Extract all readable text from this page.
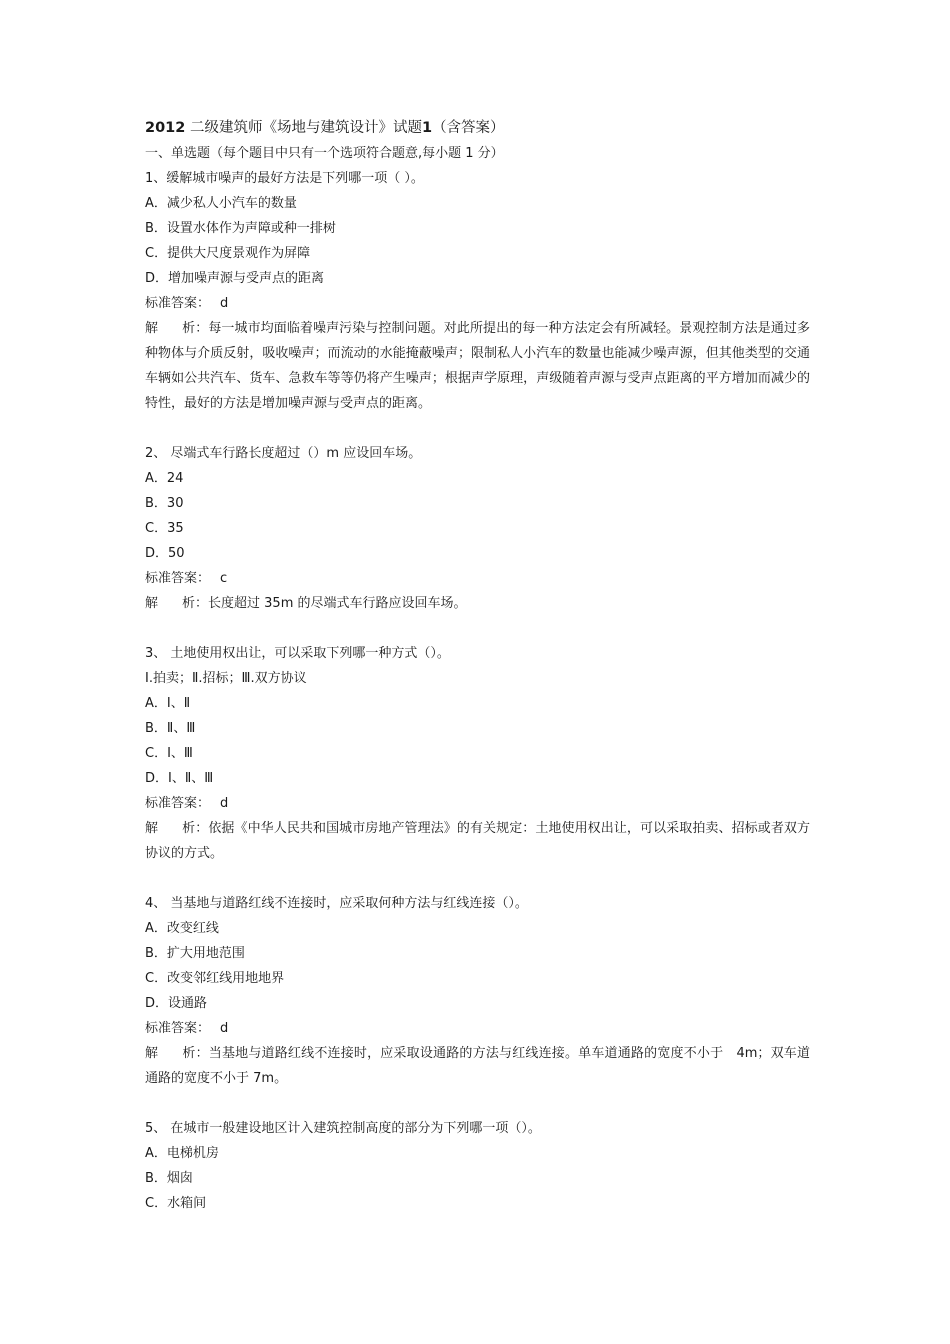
2012 二级建筑师《场地与建筑设计》试题1（含答案）

一、单选题（每个题目中只有一个选项符合题意,每小题 1 分）

1、缓解城市噪声的最好方法是下列哪一项（ ）。

A．减少私人小汽车的数量

B．设置水体作为声障或种一排树

C．提供大尺度景观作为屏障

D．增加噪声源与受声点的距离

标准答案： d

解 析：每一城市均面临着噪声污染与控制问题。对此所提出的每一种方法定会有所减轻。景观控制方法是通过多种物体与介质反射，吸收噪声；而流动的水能掩蔽噪声；限制私人小汽车的数量也能减少噪声源，但其他类型的交通车辆如公共汽车、货车、急救车等等仍将产生噪声；根据声学原理，声级随着声源与受声点距离的平方增加而减少的特性，最好的方法是增加噪声源与受声点的距离。

2、 尽端式车行路长度超过（）m 应设回车场。

A．24

B．30

C．35

D．50

标准答案： c

解 析：长度超过 35m 的尽端式车行路应设回车场。

3、 土地使用权出让，可以采取下列哪一种方式（）。

Ⅰ.拍卖；Ⅱ.招标；Ⅲ.双方协议

A．Ⅰ、Ⅱ

B．Ⅱ、Ⅲ

C．Ⅰ、Ⅲ

D．Ⅰ、Ⅱ、Ⅲ

标准答案： d

解 析：依据《中华人民共和国城市房地产管理法》的有关规定：土地使用权出让，可以采取拍卖、招标或者双方协议的方式。

4、 当基地与道路红线不连接时，应采取何种方法与红线连接（）。

A．改变红线

B．扩大用地范围

C．改变邻红线用地地界

D．设通路

标准答案： d

解 析：当基地与道路红线不连接时，应采取设通路的方法与红线连接。单车道通路的宽度不小于　4m；双车道通路的宽度不小于 7m。

5、 在城市一般建设地区计入建筑控制高度的部分为下列哪一项（）。

A．电梯机房

B．烟囱

C．水箱间
